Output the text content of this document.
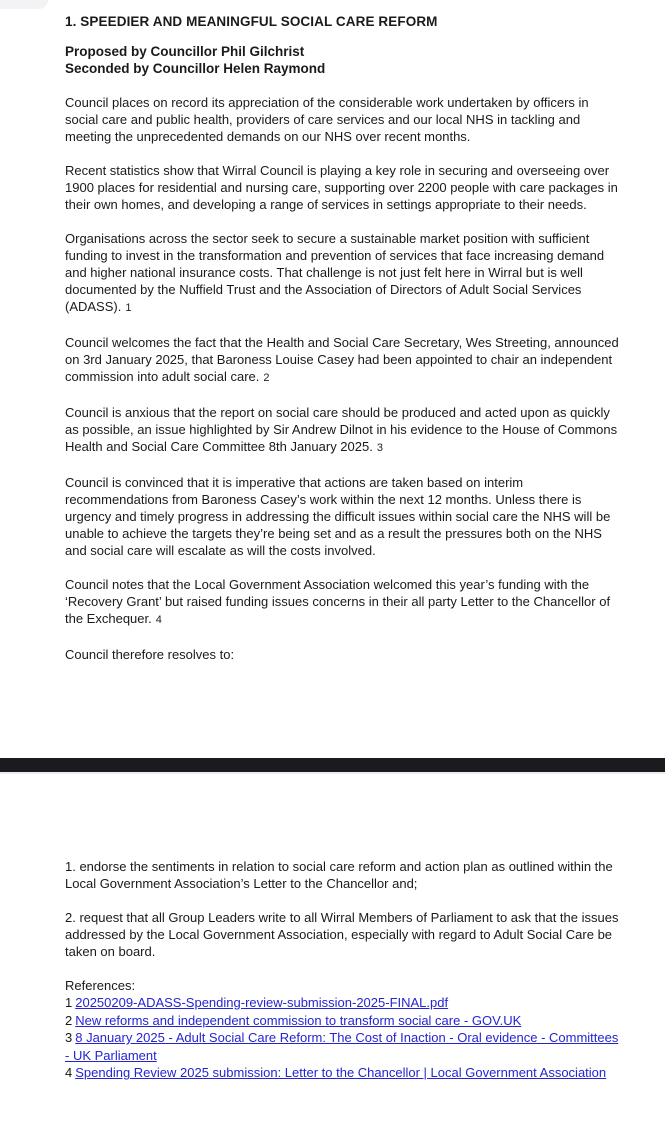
1. SPEEDIER AND MEANINGFUL SOCIAL CARE REFORM

Proposed by Councillor Phil Gilchrist

Seconded by Councillor Helen Raymond

Council places on record its appreciation of the considerable work undertaken by officers in social care and public health, providers of care services and our local NHS in tackling and meeting the unprecedented demands on our NHS over recent months.

Recent statistics show that Wirral Council is playing a key role in securing and overseeing over 1900 places for residential and nursing care, supporting over 2200 people with care packages in their own homes, and developing a range of services in settings appropriate to their needs.

Organisations across the sector seek to secure a sustainable market position with sufficient funding to invest in the transformation and prevention of services that face increasing demand and higher national insurance costs. That challenge is not just felt here in Wirral but is well documented by the Nuffield Trust and the Association of Directors of Adult Social Services (ADASS). 1

Council welcomes the fact that the Health and Social Care Secretary, Wes Streeting, announced on 3rd January 2025, that Baroness Louise Casey had been appointed to chair an independent commission into adult social care. 2

Council is anxious that the report on social care should be produced and acted upon as quickly as possible, an issue highlighted by Sir Andrew Dilnot in his evidence to the House of Commons Health and Social Care Committee 8th January 2025. 3

Council is convinced that it is imperative that actions are taken based on interim recommendations from Baroness Casey’s work within the next 12 months. Unless there is urgency and timely progress in addressing the difficult issues within social care the NHS will be unable to achieve the targets they’re being set and as a result the pressures both on the NHS and social care will escalate as will the costs involved.

Council notes that the Local Government Association welcomed this year’s funding with the ‘Recovery Grant’ but raised funding issues concerns in their all party Letter to the Chancellor of the Exchequer. 4

Council therefore resolves to:

1. endorse the sentiments in relation to social care reform and action plan as outlined within the Local Government Association’s Letter to the Chancellor and;

2. request that all Group Leaders write to all Wirral Members of Parliament to ask that the issues addressed by the Local Government Association, especially with regard to Adult Social Care be taken on board.

References:

1 20250209-ADASS-Spending-review-submission-2025-FINAL.pdf
2 New reforms and independent commission to transform social care - GOV.UK
3 8 January 2025 - Adult Social Care Reform: The Cost of Inaction - Oral evidence - Committees - UK Parliament
4 Spending Review 2025 submission: Letter to the Chancellor | Local Government Association
